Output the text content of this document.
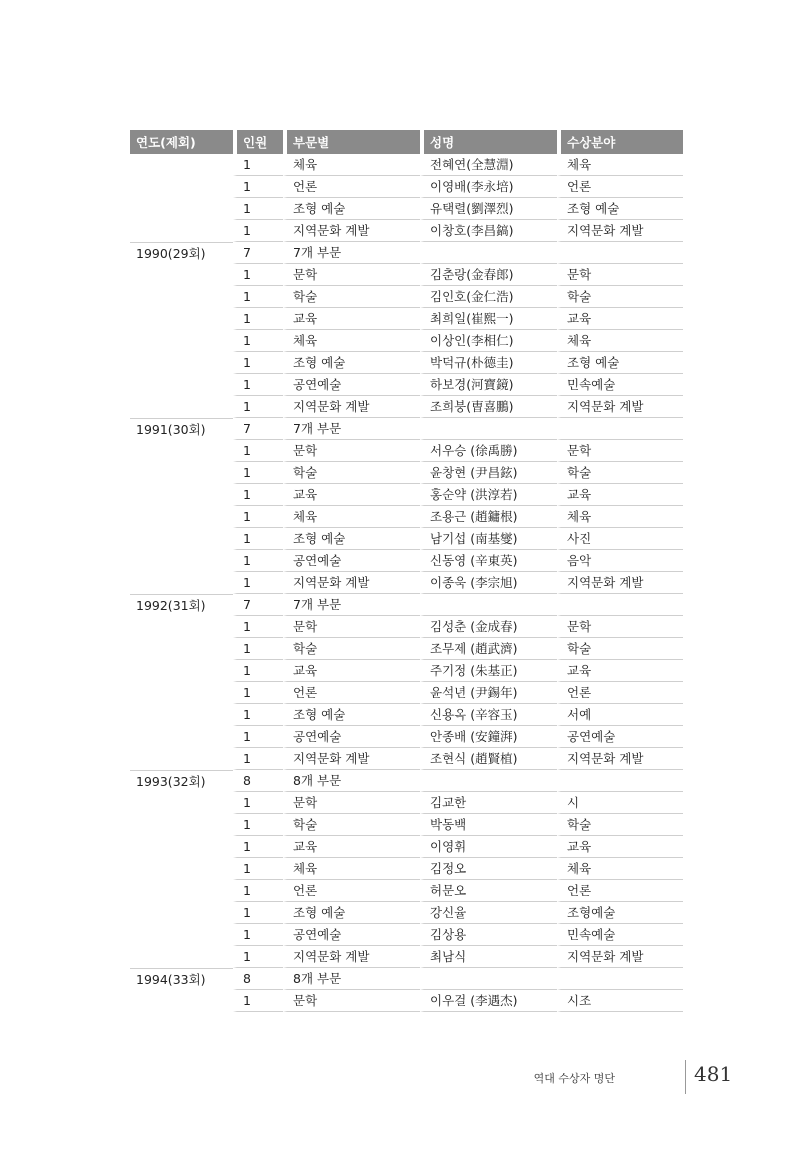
연도(제회)	인원	부문별	성명	수상분야
	1	체육	전혜연(全慧淵)	체육
	1	언론	이영배(李永培)	언론
	1	조형 예술	유택렬(劉澤烈)	조형 예술
	1	지역문화 계발	이창호(李昌鎬)	지역문화 계발
1990(29회)	7	7개 부문		
	1	문학	김춘랑(金春郎)	문학
	1	학술	김인호(金仁浩)	학술
	1	교육	최희일(崔熙一)	교육
	1	체육	이상인(李相仁)	체육
	1	조형 예술	박덕규(朴德圭)	조형 예술
	1	공연예술	하보경(河寶鏡)	민속예술
	1	지역문화 계발	조희붕(曺喜鵬)	지역문화 계발
1991(30회)	7	7개 부문		
	1	문학	서우승 (徐禹勝)	문학
	1	학술	윤창현 (尹昌鉉)	학술
	1	교육	홍순약 (洪淳若)	교육
	1	체육	조용근 (趙鏞根)	체육
	1	조형 예술	남기섭 (南基燮)	사진
	1	공연예술	신동영 (辛東英)	음악
	1	지역문화 계발	이종욱 (李宗旭)	지역문화 계발
1992(31회)	7	7개 부문		
	1	문학	김성춘 (金成春)	문학
	1	학술	조무제 (趙武濟)	학술
	1	교육	주기정 (朱基正)	교육
	1	언론	윤석년 (尹錫年)	언론
	1	조형 예술	신용옥 (辛容玉)	서예
	1	공연예술	안종배 (安鐘湃)	공연예술
	1	지역문화 계발	조현식 (趙賢植)	지역문화 계발
1993(32회)	8	8개 부문		
	1	문학	김교한	시
	1	학술	박동백	학술
	1	교육	이영휘	교육
	1	체육	김정오	체육
	1	언론	허문오	언론
	1	조형 예술	강신율	조형예술
	1	공연예술	김상용	민속예술
	1	지역문화 계발	최남식	지역문화 계발
1994(33회)	8	8개 부문		
	1	문학	이우걸 (李遇杰)	시조
역대 수상자 명단	481
